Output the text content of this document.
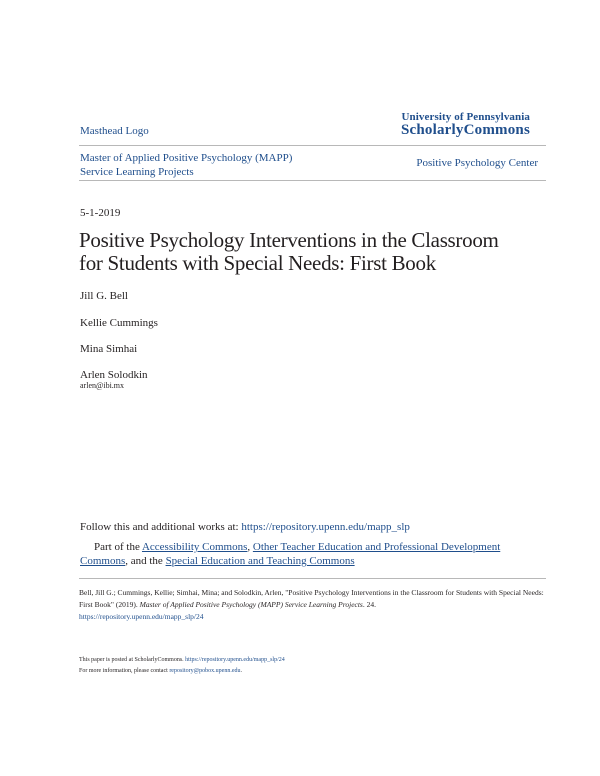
Masthead Logo
University of Pennsylvania
ScholarlyCommons
Master of Applied Positive Psychology (MAPP)
Service Learning Projects
Positive Psychology Center
5-1-2019
Positive Psychology Interventions in the Classroom
for Students with Special Needs: First Book
Jill G. Bell
Kellie Cummings
Mina Simhai
Arlen Solodkin
arlen@ibi.mx
Follow this and additional works at: https://repository.upenn.edu/mapp_slp
Part of the Accessibility Commons, Other Teacher Education and Professional Development Commons, and the Special Education and Teaching Commons
Bell, Jill G.; Cummings, Kellie; Simhai, Mina; and Solodkin, Arlen, "Positive Psychology Interventions in the Classroom for Students with Special Needs: First Book" (2019). Master of Applied Positive Psychology (MAPP) Service Learning Projects. 24.
https://repository.upenn.edu/mapp_slp/24
This paper is posted at ScholarlyCommons. https://repository.upenn.edu/mapp_slp/24
For more information, please contact repository@pobox.upenn.edu.
